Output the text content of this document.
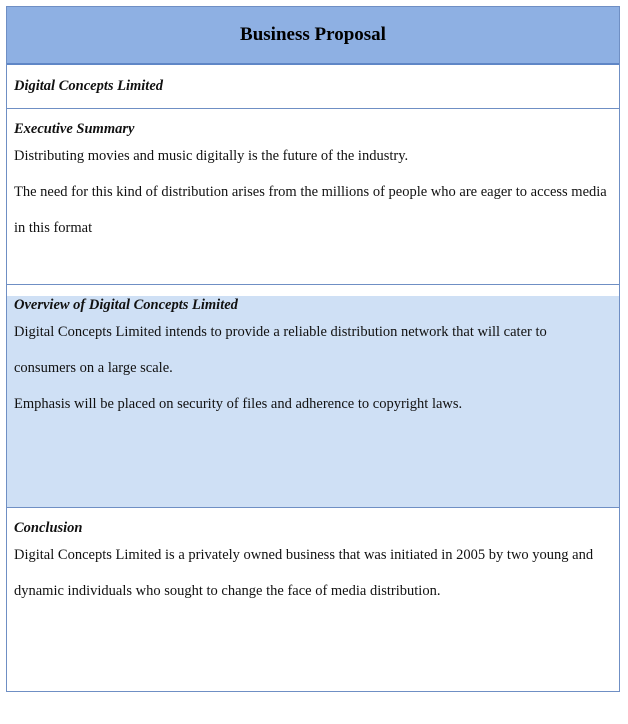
Business Proposal
Digital Concepts Limited
Executive Summary
Distributing movies and music digitally is the future of the industry.
The need for this kind of distribution arises from the millions of people who are eager to access media in this format
Overview of Digital Concepts Limited
Digital Concepts Limited intends to provide a reliable distribution network that will cater to consumers on a large scale.
Emphasis will be placed on security of files and adherence to copyright laws.
Conclusion
Digital Concepts Limited is a privately owned business that was initiated in 2005 by two young and dynamic individuals who sought to change the face of media distribution.
